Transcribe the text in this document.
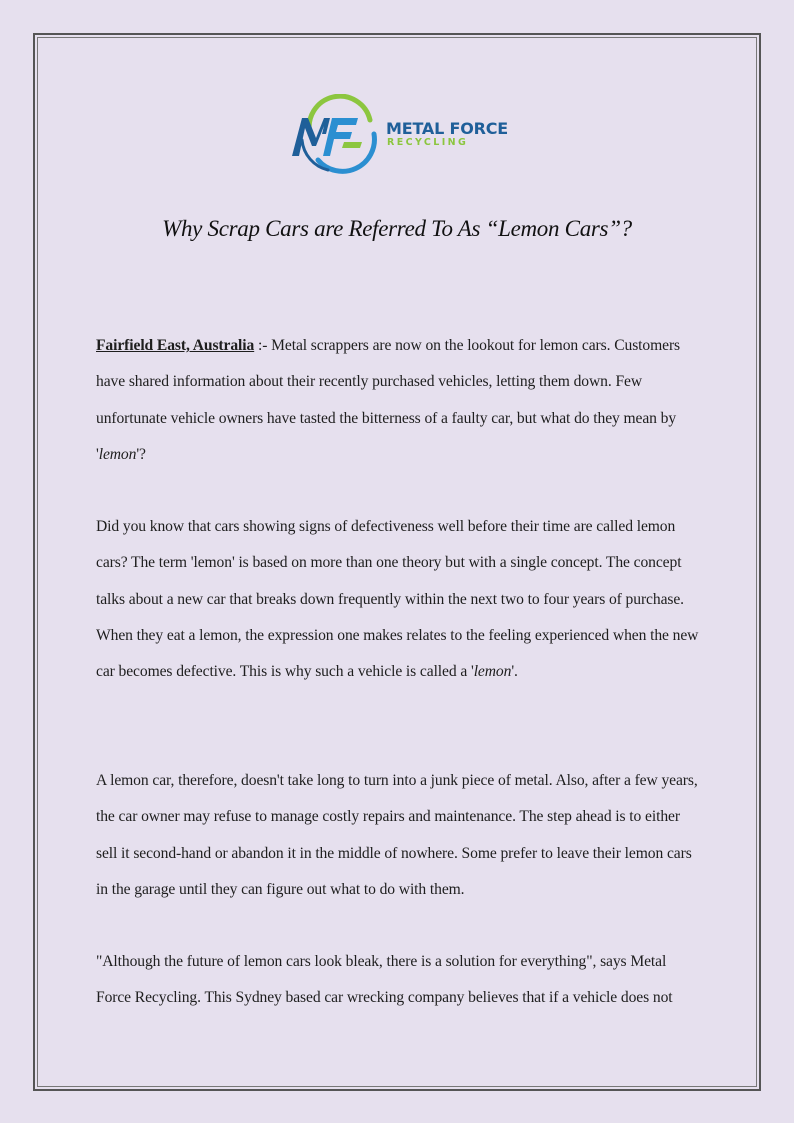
METAL FORCE
RECYCLING
Why Scrap Cars are Referred To As “Lemon Cars”?

Fairfield East, Australia :- Metal scrappers are now on the lookout for lemon cars. Customers have shared information about their recently purchased vehicles, letting them down. Few unfortunate vehicle owners have tasted the bitterness of a faulty car, but what do they mean by 'lemon'?

Did you know that cars showing signs of defectiveness well before their time are called lemon cars? The term 'lemon' is based on more than one theory but with a single concept. The concept talks about a new car that breaks down frequently within the next two to four years of purchase. When they eat a lemon, the expression one makes relates to the feeling experienced when the new car becomes defective. This is why such a vehicle is called a 'lemon'.

A lemon car, therefore, doesn't take long to turn into a junk piece of metal. Also, after a few years, the car owner may refuse to manage costly repairs and maintenance. The step ahead is to either sell it second-hand or abandon it in the middle of nowhere. Some prefer to leave their lemon cars in the garage until they can figure out what to do with them.

"Although the future of lemon cars look bleak, there is a solution for everything", says Metal Force Recycling. This Sydney based car wrecking company believes that if a vehicle does not
